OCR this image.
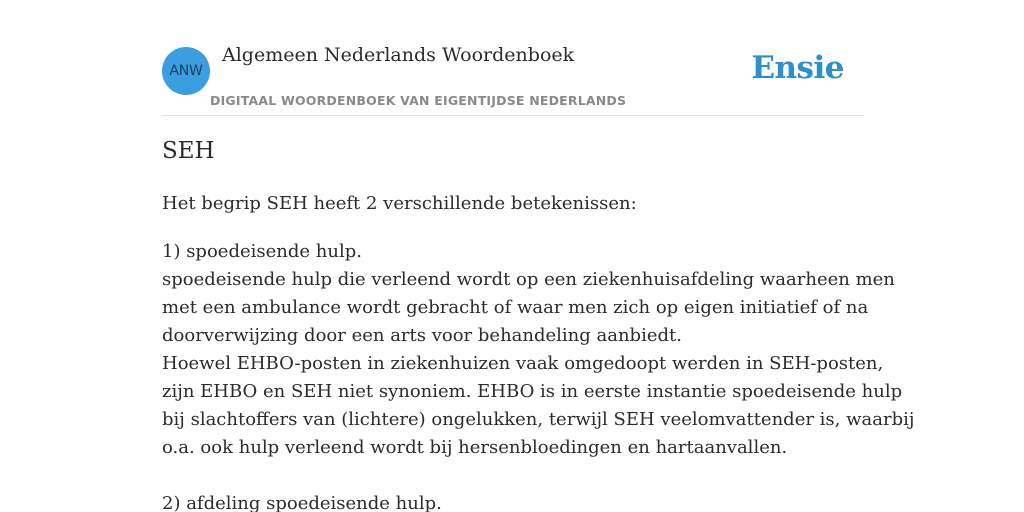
ANW
Algemeen Nederlands Woordenboek
DIGITAAL WOORDENBOEK VAN EIGENTIJDSE NEDERLANDS
Ensie
SEH

Het begrip SEH heeft 2 verschillende betekenissen:

1) spoedeisende hulp.
spoedeisende hulp die verleend wordt op een ziekenhuisafdeling waarheen men
met een ambulance wordt gebracht of waar men zich op eigen initiatief of na
doorverwijzing door een arts voor behandeling aanbiedt.
Hoewel EHBO-posten in ziekenhuizen vaak omgedoopt werden in SEH-posten,
zijn EHBO en SEH niet synoniem. EHBO is in eerste instantie spoedeisende hulp
bij slachtoffers van (lichtere) ongelukken, terwijl SEH veelomvattender is, waarbij
o.a. ook hulp verleend wordt bij hersenbloedingen en hartaanvallen.
2) afdeling spoedeisende hulp.
